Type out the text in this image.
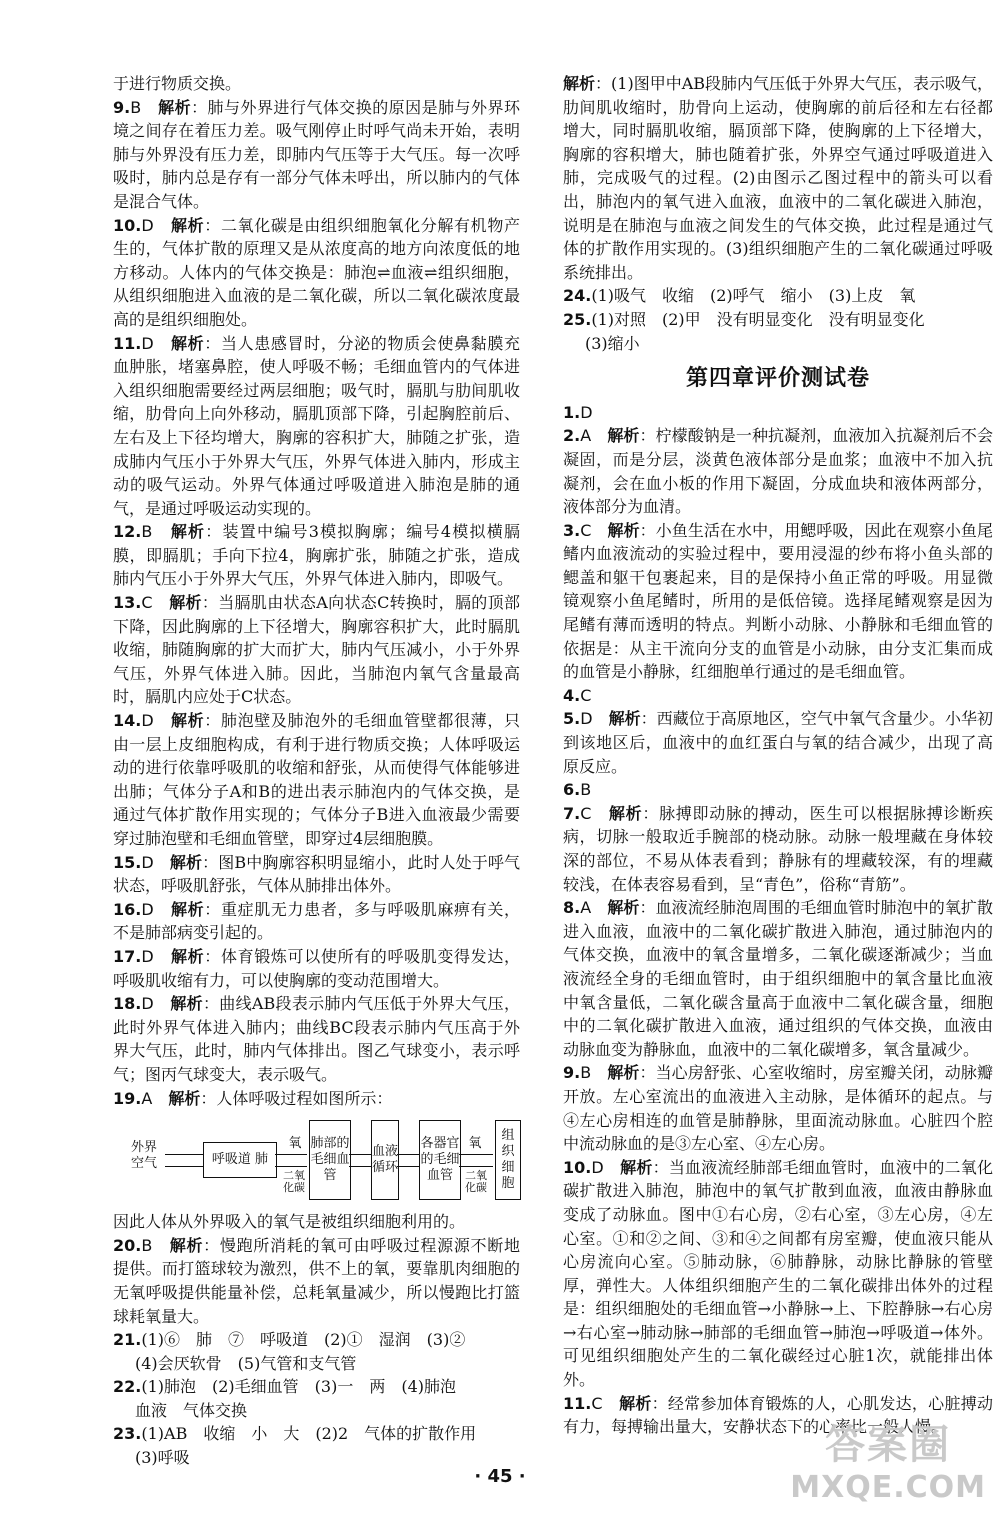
于进行物质交换。

9.B　 解析：肺与外界进行气体交换的原因是肺与外界环境之间存在着压力差。吸气刚停止时呼气尚未开始，表明肺与外界没有压力差，即肺内气压等于大气压。每一次呼吸时，肺内总是存有一部分气体未呼出，所以肺内的气体是混合气体。

10.D　 解析：二氧化碳是由组织细胞氧化分解有机物产生的，气体扩散的原理又是从浓度高的地方向浓度低的地方移动。人体内的气体交换是：肺泡⇌血液⇌组织细胞，从组织细胞进入血液的是二氧化碳，所以二氧化碳浓度最高的是组织细胞处。

11.D　 解析：当人患感冒时，分泌的物质会使鼻黏膜充血肿胀，堵塞鼻腔，使人呼吸不畅；毛细血管内的气体进入组织细胞需要经过两层细胞；吸气时，膈肌与肋间肌收缩，肋骨向上向外移动，膈肌顶部下降，引起胸腔前后、左右及上下径均增大，胸廓的容积扩大，肺随之扩张，造成肺内气压小于外界大气压，外界气体进入肺内，形成主动的吸气运动。外界气体通过呼吸道进入肺泡是肺的通气，是通过呼吸运动实现的。

12.B　 解析：装置中编号3模拟胸廓；编号4模拟横膈膜，即膈肌；手向下拉4，胸廓扩张，肺随之扩张，造成肺内气压小于外界大气压，外界气体进入肺内，即吸气。

13.C　 解析：当膈肌由状态A向状态C转换时，膈的顶部下降，因此胸廓的上下径增大，胸廓容积扩大，此时膈肌收缩，肺随胸廓的扩大而扩大，肺内气压减小，小于外界气压，外界气体进入肺。因此，当肺泡内氧气含量最高时，膈肌内应处于C状态。

14.D　 解析：肺泡壁及肺泡外的毛细血管壁都很薄，只由一层上皮细胞构成，有利于进行物质交换；人体呼吸运动的进行依靠呼吸肌的收缩和舒张，从而使得气体能够进出肺；气体分子A和B的进出表示肺泡内的气体交换，是通过气体扩散作用实现的；气体分子B进入血液最少需要穿过肺泡壁和毛细血管壁，即穿过4层细胞膜。

15.D　 解析：图B中胸廓容积明显缩小，此时人处于呼气状态，呼吸肌舒张，气体从肺排出体外。

16.D　 解析：重症肌无力患者，多与呼吸肌麻痹有关，不是肺部病变引起的。

17.D　 解析：体育锻炼可以使所有的呼吸肌变得发达，呼吸肌收缩有力，可以使胸廓的变动范围增大。

18.D　 解析：曲线AB段表示肺内气压低于外界大气压，此时外界气体进入肺内；曲线BC段表示肺内气压高于外界大气压，此时，肺内气体排出。图乙气球变小，表示呼气；图丙气球变大，表示吸气。

19.A　 解析：人体呼吸过程如图所示：

外界空气	呼吸道 肺
氧
二氧化碳
肺部的毛细血管
血液循环
各器官的毛细血管
氧
二氧化碳
组织细胞

因此人体从外界吸入的氧气是被组织细胞利用的。

20.B　 解析：慢跑所消耗的氧可由呼吸过程源源不断地提供。而打篮球较为激烈，供不上的氧，要靠肌肉细胞的无氧呼吸提供能量补偿，总耗氧量减少，所以慢跑比打篮球耗氧量大。

21.(1)⑥　肺　⑦　呼吸道　(2)①　湿润　(3)②

(4)会厌软骨　(5)气管和支气管

22.(1)肺泡　(2)毛细血管　(3)一　两　(4)肺泡

血液　气体交换

23.(1)AB　收缩　小　大　(2)2　气体的扩散作用

(3)呼吸

解析：(1)图甲中AB段肺内气压低于外界大气压，表示吸气，肋间肌收缩时，肋骨向上运动，使胸廓的前后径和左右径都增大，同时膈肌收缩，膈顶部下降，使胸廓的上下径增大，胸廓的容积增大，肺也随着扩张，外界空气通过呼吸道进入肺，完成吸气的过程。(2)由图示乙图过程中的箭头可以看出，肺泡内的氧气进入血液，血液中的二氧化碳进入肺泡，说明是在肺泡与血液之间发生的气体交换，此过程是通过气体的扩散作用实现的。(3)组织细胞产生的二氧化碳通过呼吸系统排出。

24.(1)吸气　收缩　(2)呼气　缩小　(3)上皮　氧

25.(1)对照　(2)甲　没有明显变化　没有明显变化

(3)缩小

第四章评价测试卷

1.D　

2.A　 解析：柠檬酸钠是一种抗凝剂，血液加入抗凝剂后不会凝固，而是分层，淡黄色液体部分是血浆；血液中不加入抗凝剂，会在血小板的作用下凝固，分成血块和液体两部分，液体部分为血清。

3.C　 解析：小鱼生活在水中，用鳃呼吸，因此在观察小鱼尾鳍内血液流动的实验过程中，要用浸湿的纱布将小鱼头部的鳃盖和躯干包裹起来，目的是保持小鱼正常的呼吸。用显微镜观察小鱼尾鳍时，所用的是低倍镜。选择尾鳍观察是因为尾鳍有薄而透明的特点。判断小动脉、小静脉和毛细血管的依据是：从主干流向分支的血管是小动脉，由分支汇集而成的血管是小静脉，红细胞单行通过的是毛细血管。

4.C　

5.D　 解析：西藏位于高原地区，空气中氧气含量少。小华初到该地区后，血液中的血红蛋白与氧的结合减少，出现了高原反应。

6.B　

7.C　 解析：脉搏即动脉的搏动，医生可以根据脉搏诊断疾病，切脉一般取近手腕部的桡动脉。动脉一般埋藏在身体较深的部位，不易从体表看到；静脉有的埋藏较深，有的埋藏较浅，在体表容易看到，呈“青色”，俗称“青筋”。

8.A　 解析：血液流经肺泡周围的毛细血管时肺泡中的氧扩散进入血液，血液中的二氧化碳扩散进入肺泡，通过肺泡内的气体交换，血液中的氧含量增多，二氧化碳逐渐减少；当血液流经全身的毛细血管时，由于组织细胞中的氧含量比血液中氧含量低，二氧化碳含量高于血液中二氧化碳含量，细胞中的二氧化碳扩散进入血液，通过组织的气体交换，血液由动脉血变为静脉血，血液中的二氧化碳增多，氧含量减少。

9.B　 解析：当心房舒张、心室收缩时，房室瓣关闭，动脉瓣开放。左心室流出的血液进入主动脉，是体循环的起点。与④左心房相连的血管是肺静脉，里面流动脉血。心脏四个腔中流动脉血的是③左心室、④左心房。

10.D　 解析：当血液流经肺部毛细血管时，血液中的二氧化碳扩散进入肺泡，肺泡中的氧气扩散到血液，血液由静脉血变成了动脉血。图中①右心房，②右心室，③左心房，④左心室。①和②之间、③和④之间都有房室瓣，使血液只能从心房流向心室。⑤肺动脉，⑥肺静脉，动脉比静脉的管壁厚，弹性大。人体组织细胞产生的二氧化碳排出体外的过程是：组织细胞处的毛细血管→小静脉→上、下腔静脉→右心房→右心室→肺动脉→肺部的毛细血管→肺泡→呼吸道→体外。可见组织细胞处产生的二氧化碳经过心脏1次，就能排出体外。

11.C　 解析：经常参加体育锻炼的人，心肌发达，心脏搏动有力，每搏输出量大，安静状态下的心率比一般人慢。

· 45 ·
答案圈
MXQE.COM
